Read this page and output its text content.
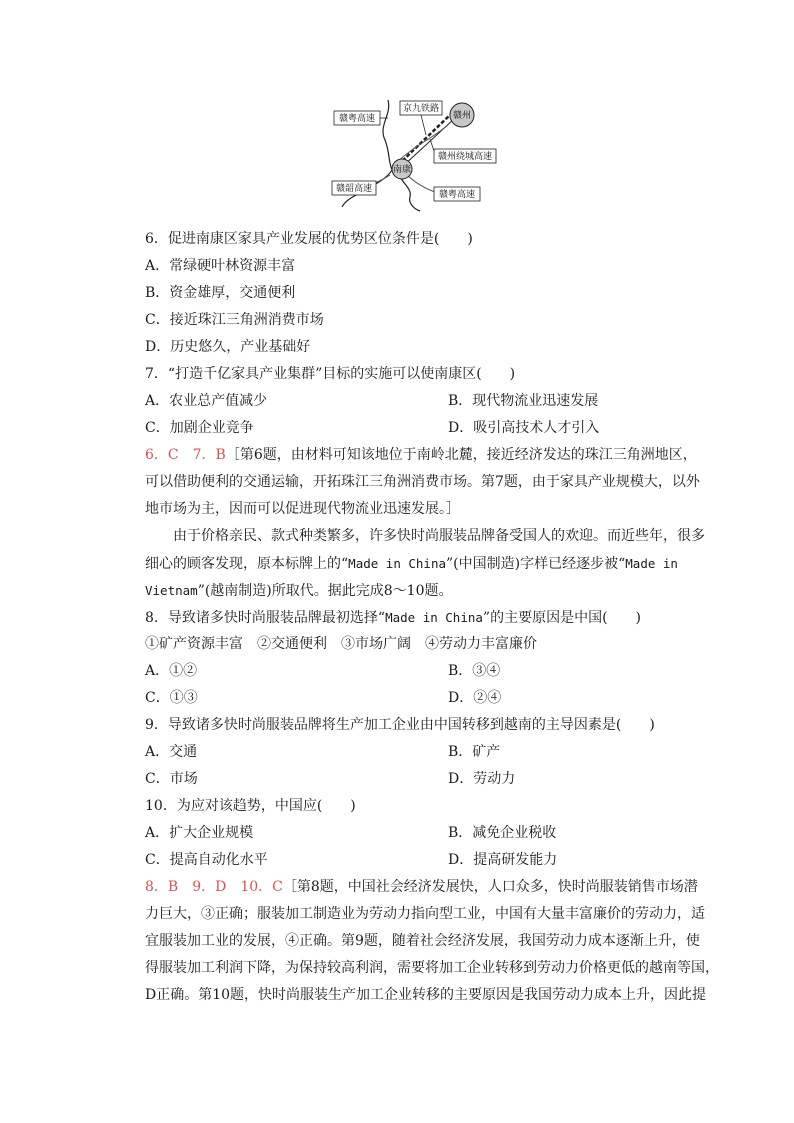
赣州
南康
赣粤高速
京九铁路
赣州绕城高速
赣韶高速
赣粤高速
6．促进南康区家具产业发展的优势区位条件是(　　)
A．常绿硬叶林资源丰富
B．资金雄厚，交通便利
C．接近珠江三角洲消费市场
D．历史悠久，产业基础好
7．“打造千亿家具产业集群”目标的实施可以使南康区(　　)
A．农业总产值减少	B．现代物流业迅速发展
C．加剧企业竞争	D．吸引高技术人才引入
6．C　7．B［第6题，由材料可知该地位于南岭北麓，接近经济发达的珠江三角洲地区，
可以借助便利的交通运输，开拓珠江三角洲消费市场。第7题，由于家具产业规模大，以外
地市场为主，因而可以促进现代物流业迅速发展。］
由于价格亲民、款式种类繁多，许多快时尚服装品牌备受国人的欢迎。而近些年，很多
细心的顾客发现，原本标牌上的“Made in China”(中国制造)字样已经逐步被“Made in
Vietnam”(越南制造)所取代。据此完成8～10题。
8．导致诸多快时尚服装品牌最初选择“Made in China”的主要原因是中国(　　)
①矿产资源丰富　②交通便利　③市场广阔　④劳动力丰富廉价
A．①②	B．③④
C．①③	D．②④
9．导致诸多快时尚服装品牌将生产加工企业由中国转移到越南的主导因素是(　　)
A．交通	B．矿产
C．市场	D．劳动力
10．为应对该趋势，中国应(　　)
A．扩大企业规模	B．减免企业税收
C．提高自动化水平	D．提高研发能力
8．B　9．D　10．C［第8题，中国社会经济发展快，人口众多，快时尚服装销售市场潜
力巨大，③正确；服装加工制造业为劳动力指向型工业，中国有大量丰富廉价的劳动力，适
宜服装加工业的发展，④正确。第9题，随着社会经济发展，我国劳动力成本逐渐上升，使
得服装加工利润下降，为保持较高利润，需要将加工企业转移到劳动力价格更低的越南等国，
D正确。第10题，快时尚服装生产加工企业转移的主要原因是我国劳动力成本上升，因此提
